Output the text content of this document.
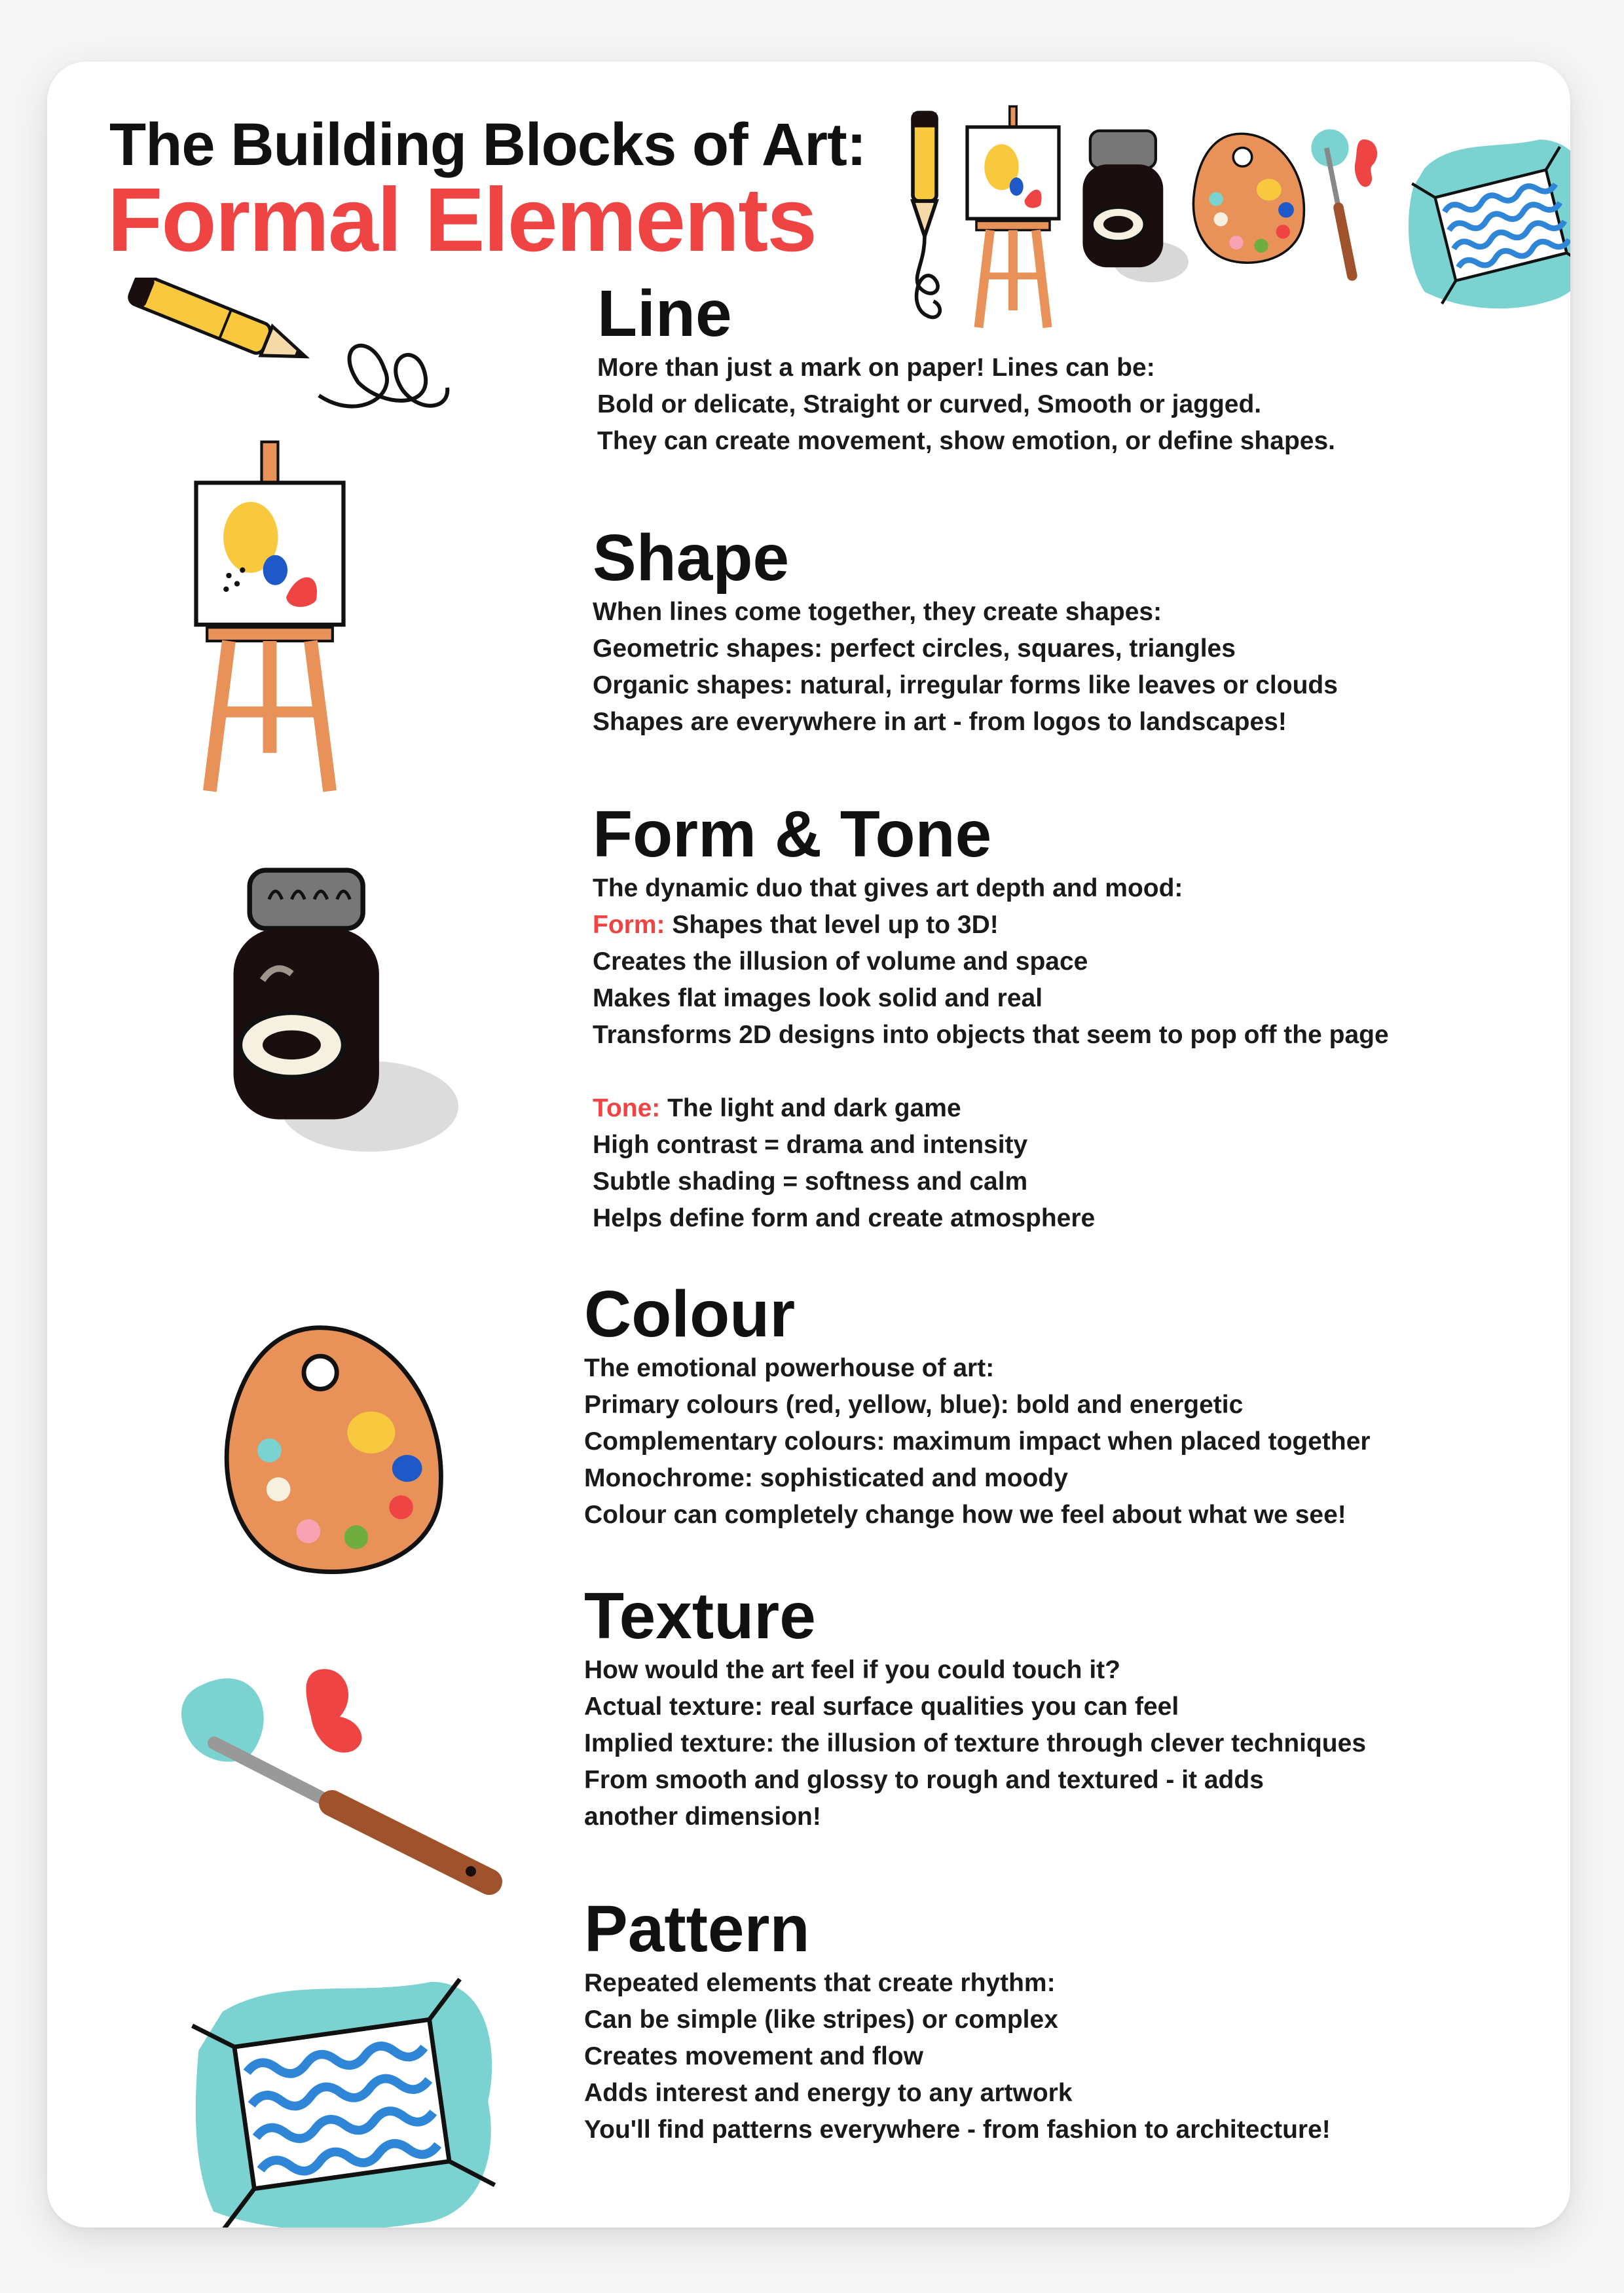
The Building Blocks of Art:
Formal Elements
Line

More than just a mark on paper! Lines can be:

Bold or delicate, Straight or curved, Smooth or jagged.

They can create movement, show emotion, or define shapes.

Shape

When lines come together, they create shapes:

Geometric shapes: perfect circles, squares, triangles

Organic shapes: natural, irregular forms like leaves or clouds

Shapes are everywhere in art - from logos to landscapes!

Form & Tone

The dynamic duo that gives art depth and mood:

Form: Shapes that level up to 3D!

Creates the illusion of volume and space

Makes flat images look solid and real

Transforms 2D designs into objects that seem to pop off the page

Tone: The light and dark game

High contrast = drama and intensity

Subtle shading = softness and calm

Helps define form and create atmosphere

Colour

The emotional powerhouse of art:

Primary colours (red, yellow, blue): bold and energetic

Complementary colours: maximum impact when placed together

Monochrome: sophisticated and moody

Colour can completely change how we feel about what we see!

Texture

How would the art feel if you could touch it?

Actual texture: real surface qualities you can feel

Implied texture: the illusion of texture through clever techniques

From smooth and glossy to rough and textured - it adds

another dimension!

Pattern

Repeated elements that create rhythm:

Can be simple (like stripes) or complex

Creates movement and flow

Adds interest and energy to any artwork

You'll find patterns everywhere - from fashion to architecture!
